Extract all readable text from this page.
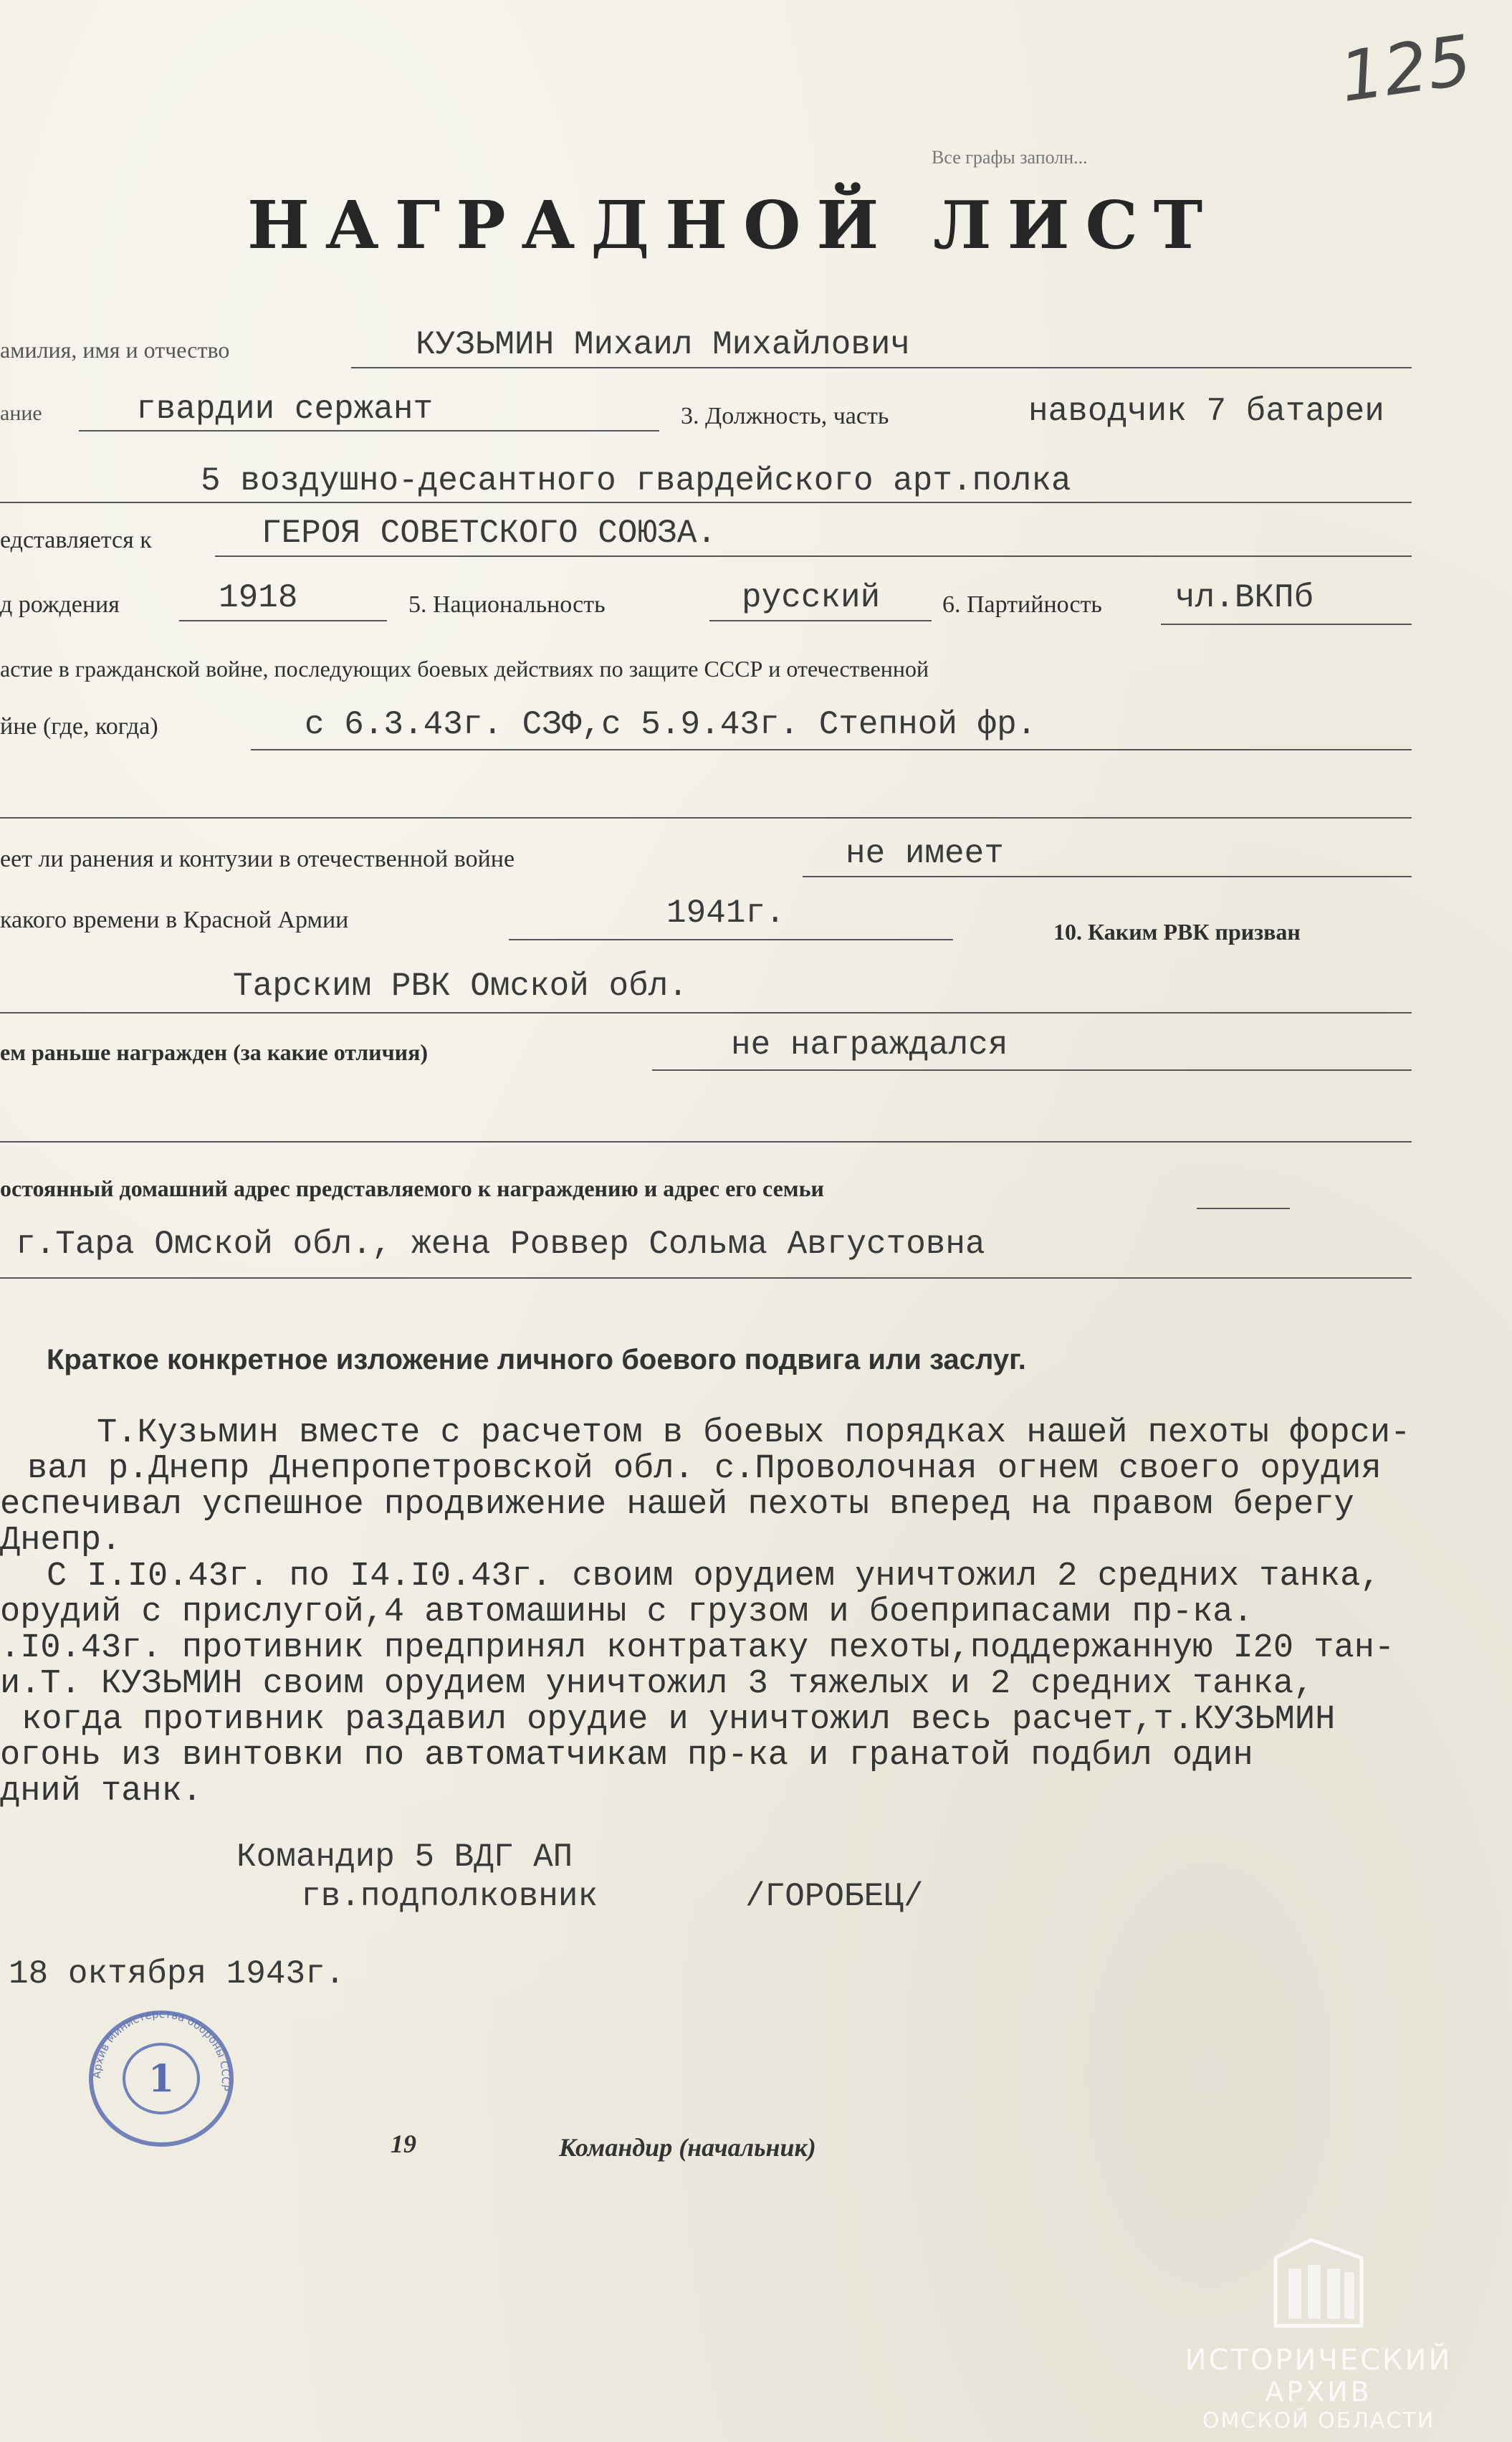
125
Все графы заполн...
НАГРАДНОЙ ЛИСТ
амилия, имя и отчество	КУЗЬМИН Михаил Михайлович
ание	гвардии сержант	3. Должность, часть	наводчик 7 батареи
5 воздушно-десантного гвардейского арт.полка
едставляется к	ГЕРОЯ СОВЕТСКОГО СОЮЗА.
д рождения	1918	5. Национальность	русский	6. Партийность чл.ВКПб
астие в гражданской войне, последующих боевых действиях по защите СССР и отечественной
йне (где, когда)	с 6.3.43г. СЗФ,с 5.9.43г. Степной фр.
еет ли ранения и контузии в отечественной войне	не имеет
какого времени в Красной Армии	1941г.	10. Каким РВК призван
Тарским РВК Омской обл.
ем раньше награжден (за какие отличия)	не награждался
остоянный домашний адрес представляемого к награждению и адрес его семьи
г.Тара Омской обл., жена Роввер Сольма Августовна
Краткое конкретное изложение личного боевого подвига или заслуг.
Т.Кузьмин вместе с расчетом в боевых порядках нашей пехоты форси-
вал р.Днепр Днепропетровской обл. с.Проволочная огнем своего орудия
еспечивал успешное продвижение нашей пехоты вперед на правом берегу
Днепр.
С I.I0.43г. по I4.I0.43г. своим орудием уничтожил 2 средних танка,
орудий с прислугой,4 автомашины с грузом и боеприпасами пр-ка.
.I0.43г. противник предпринял контратаку пехоты,поддержанную I20 тан-
и.Т. КУЗЬМИН своим орудием уничтожил 3 тяжелых и 2 средних танка,
когда противник раздавил орудие и уничтожил весь расчет,т.КУЗЬМИН
огонь из винтовки по автоматчикам пр-ка и гранатой подбил один
дний танк.
Командир 5 ВДГ АП
гв.подполковник	/ГОРОБЕЦ/
18 октября 1943г.
Архив Министерства обороны СССР
1
19	Командир (начальник)
ИСТОРИЧЕСКИЙ
АРХИВ
ОМСКОЙ ОБЛАСТИ
